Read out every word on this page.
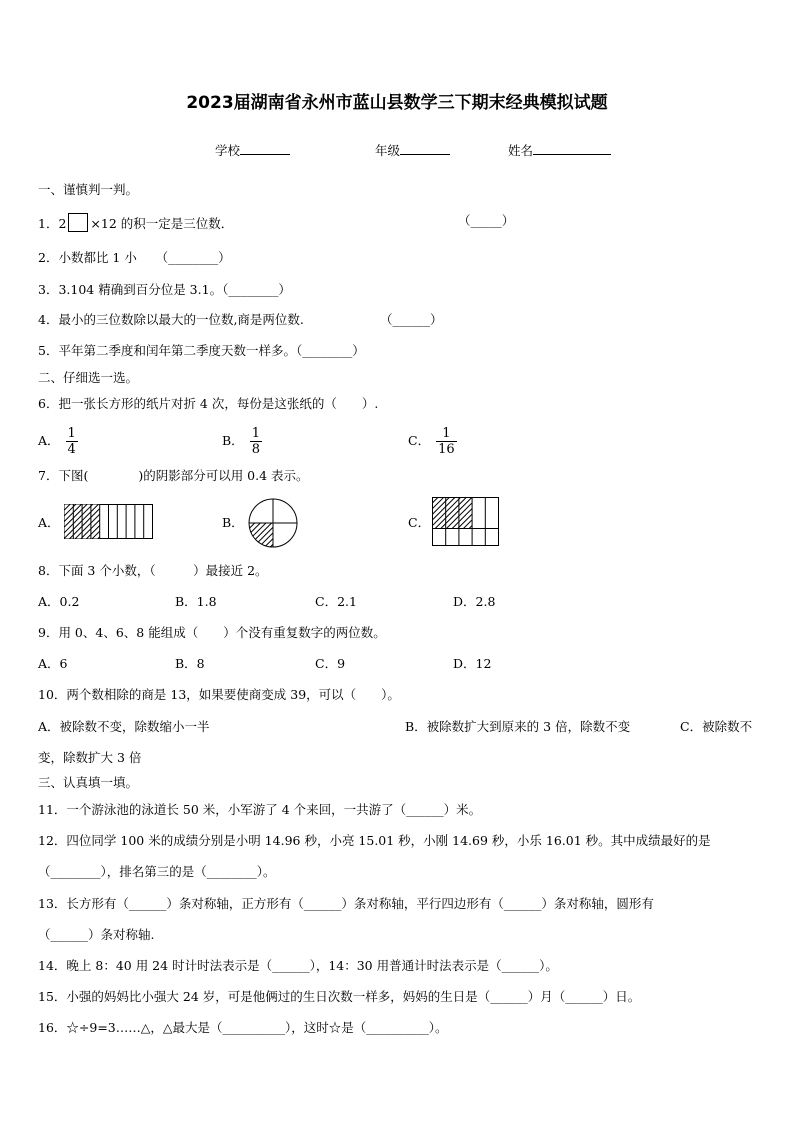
2023届湖南省永州市蓝山县数学三下期末经典模拟试题
学校	年级	姓名
一、谨慎判一判。
1．2 ×12 的积一定是三位数．	（_____）
2．小数都比 1 小　　（________）
3．3.104 精确到百分位是 3.1。（________）
4．最小的三位数除以最大的一位数,商是两位数.	（______）
5．平年第二季度和闰年第二季度天数一样多。（________）
二、仔细选一选。
6．把一张长方形的纸片对折 4 次，每份是这张纸的（　　）.
A． $\frac{1}{4}$	B． $\frac{1}{8}$	C． $\frac{1}{16}$
7．下图(　　　　)的阴影部分可以用 0.4 表示。
A．	B．	C．
8．下面 3 个小数，（　　　）最接近 2。
A．0.2	B．1.8	C．2.1	D．2.8
9．用 0、4、6、8 能组成（　　）个没有重复数字的两位数。
A．6	B．8	C．9	D．12
10．两个数相除的商是 13，如果要使商变成 39，可以（　　）。
A．被除数不变，除数缩小一半	B．被除数扩大到原来的 3 倍，除数不变	C．被除数不
变，除数扩大 3 倍
三、认真填一填。
11．一个游泳池的泳道长 50 米，小军游了 4 个来回，一共游了（______）米。
12．四位同学 100 米的成绩分别是小明 14.96 秒，小亮 15.01 秒，小刚 14.69 秒，小乐 16.01 秒。其中成绩最好的是
（________），排名第三的是（________）。
13．长方形有（______）条对称轴，正方形有（______）条对称轴，平行四边形有（______）条对称轴，圆形有
（______）条对称轴.
14．晚上 8：40 用 24 时计时法表示是（______），14：30 用普通计时法表示是（______）。
15．小强的妈妈比小强大 24 岁，可是他俩过的生日次数一样多，妈妈的生日是（______）月（______）日。
16．☆÷9=3……△，△最大是（__________），这时☆是（__________）。
